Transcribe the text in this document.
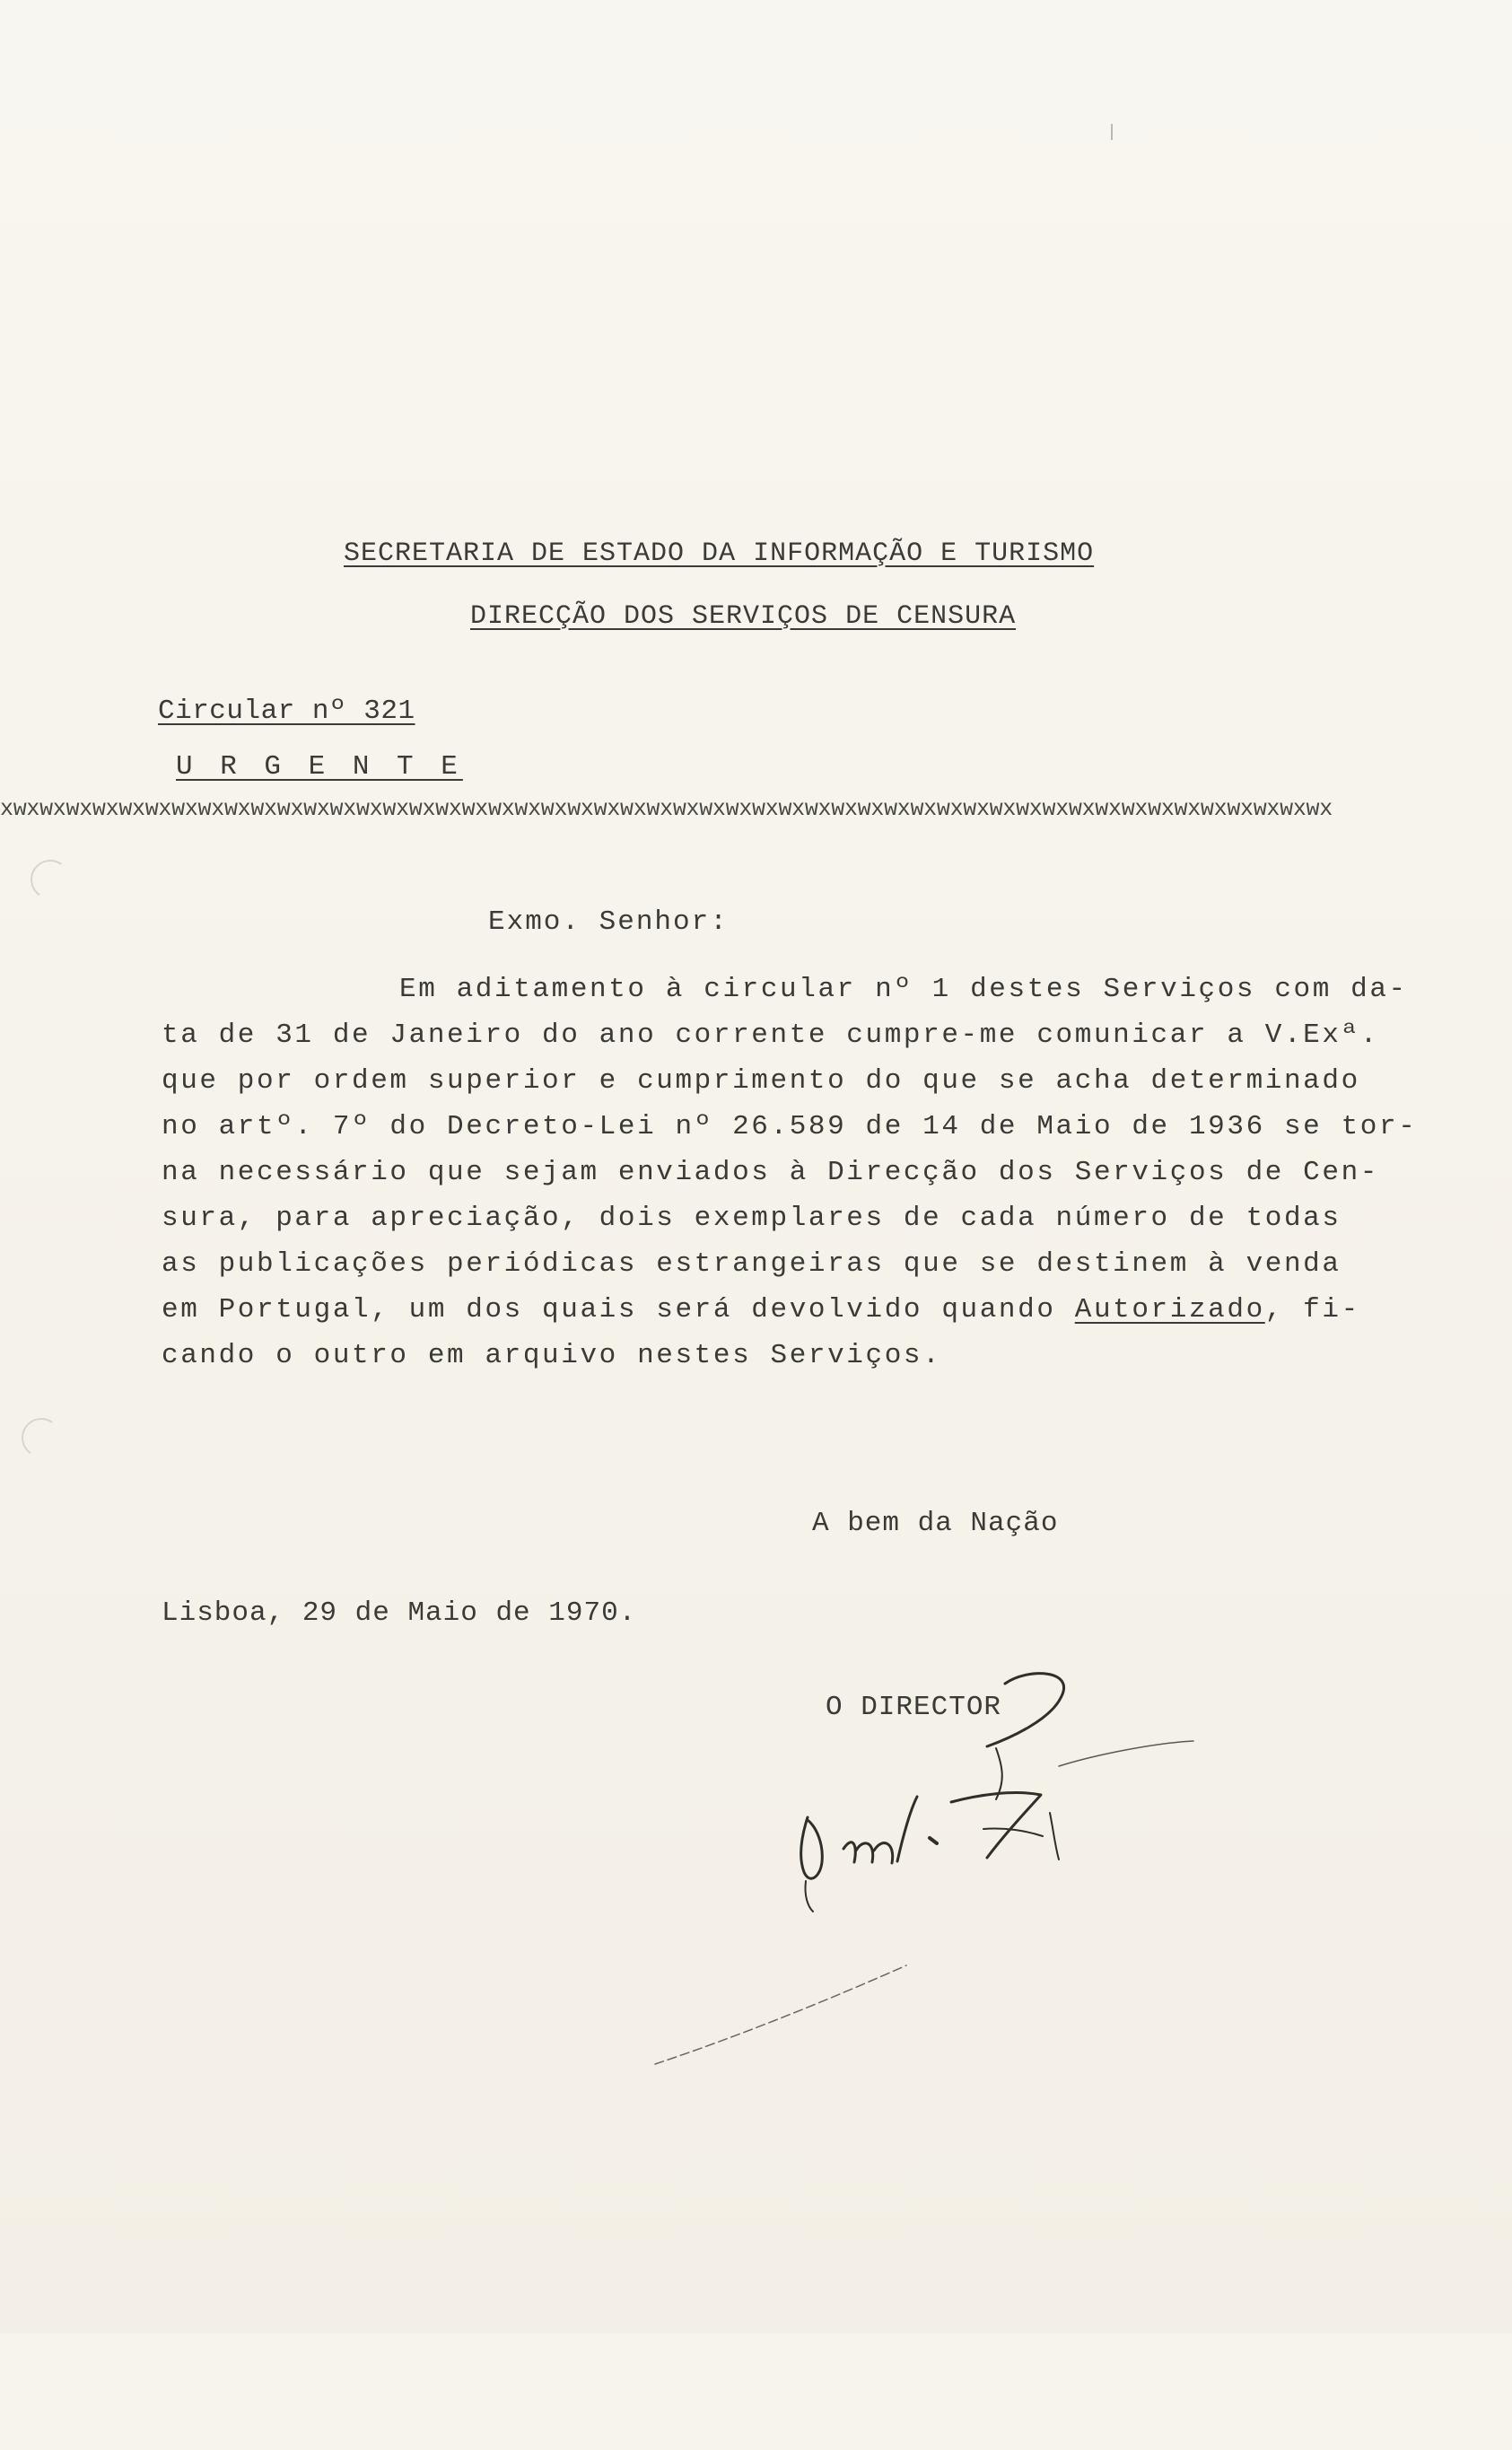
SECRETARIA DE ESTADO DA INFORMAÇÃO E TURISMO

DIRECÇÃO DOS SERVIÇOS DE CENSURA

Circular nº 321

U R G E N T E

xwxwxwxwxwxwxwxwxwxwxwxwxwxwxwxwxwxwxwxwxwxwxwxwxwxwxwxwxwxwxwxwxwxwxwxwxwxwxwxwxwxwxwxwxwxwxwxwxwxwx

Exmo. Senhor:

Em aditamento à circular nº 1 destes Serviços com da-

ta de 31 de Janeiro do ano corrente cumpre-me comunicar a V.Exª.

que por ordem superior e cumprimento do que se acha determinado

no artº. 7º do Decreto-Lei nº 26.589 de 14 de Maio de 1936 se tor-

na necessário que sejam enviados à Direcção dos Serviços de Cen-

sura, para apreciação, dois exemplares de cada número de todas

as publicações periódicas estrangeiras que se destinem à venda

em Portugal, um dos quais será devolvido quando Autorizado, fi-

cando o outro em arquivo nestes Serviços.

A bem da Nação

Lisboa, 29 de Maio de 1970.

O DIRECTOR
